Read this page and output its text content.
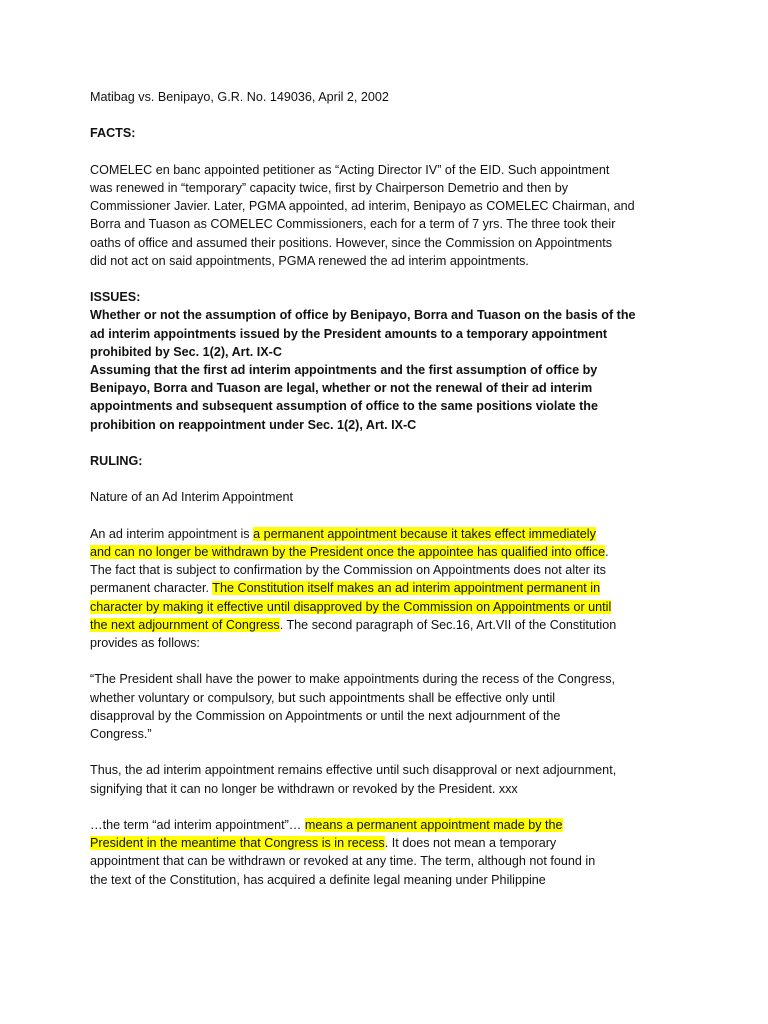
Matibag vs. Benipayo, G.R. No. 149036, April 2, 2002

FACTS:

COMELEC en banc appointed petitioner as “Acting Director IV” of the EID. Such appointment

was renewed in “temporary” capacity twice, first by Chairperson Demetrio and then by

Commissioner Javier. Later, PGMA appointed, ad interim, Benipayo as COMELEC Chairman, and

Borra and Tuason as COMELEC Commissioners, each for a term of 7 yrs. The three took their

oaths of office and assumed their positions. However, since the Commission on Appointments

did not act on said appointments, PGMA renewed the ad interim appointments.

ISSUES:

Whether or not the assumption of office by Benipayo, Borra and Tuason on the basis of the

ad interim appointments issued by the President amounts to a temporary appointment

prohibited by Sec. 1(2), Art. IX-C

Assuming that the first ad interim appointments and the first assumption of office by

Benipayo, Borra and Tuason are legal, whether or not the renewal of their ad interim

appointments and subsequent assumption of office to the same positions violate the

prohibition on reappointment under Sec. 1(2), Art. IX-C

RULING:

Nature of an Ad Interim Appointment

An ad interim appointment is a permanent appointment because it takes effect immediately

and can no longer be withdrawn by the President once the appointee has qualified into office.

The fact that is subject to confirmation by the Commission on Appointments does not alter its

permanent character. The Constitution itself makes an ad interim appointment permanent in

character by making it effective until disapproved by the Commission on Appointments or until

the next adjournment of Congress. The second paragraph of Sec.16, Art.VII of the Constitution

provides as follows:

“The President shall have the power to make appointments during the recess of the Congress,

whether voluntary or compulsory, but such appointments shall be effective only until

disapproval by the Commission on Appointments or until the next adjournment of the

Congress.”

Thus, the ad interim appointment remains effective until such disapproval or next adjournment,

signifying that it can no longer be withdrawn or revoked by the President. xxx

…the term “ad interim appointment”… means a permanent appointment made by the

President in the meantime that Congress is in recess. It does not mean a temporary

appointment that can be withdrawn or revoked at any time. The term, although not found in

the text of the Constitution, has acquired a definite legal meaning under Philippine
